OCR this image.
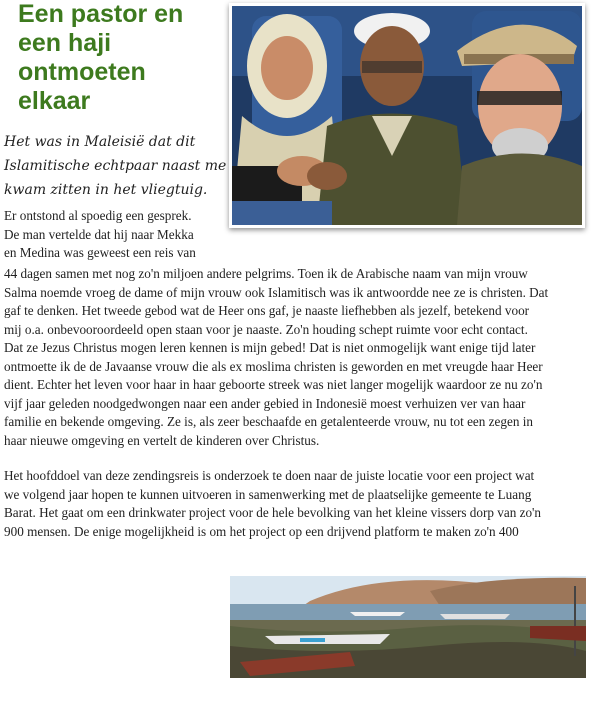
Een pastor en
een haji
ontmoeten
elkaar
Het was in Maleisië dat dit
Islamitische echtpaar naast me
kwam zitten in het vliegtuig.
Er ontstond al spoedig een gesprek.
De man vertelde dat hij naar Mekka
en Medina was geweest een reis van
44 dagen samen met nog zo'n miljoen andere pelgrims. Toen ik de Arabische naam van mijn vrouw
Salma noemde vroeg de dame of mijn vrouw ook Islamitisch was ik antwoordde nee ze is christen. Dat
gaf te denken. Het tweede gebod wat de Heer ons gaf, je naaste liefhebben als jezelf, betekend voor
mij o.a. onbevooroordeeld open staan voor je naaste. Zo'n houding schept ruimte voor echt contact.
Dat ze Jezus Christus mogen leren kennen is mijn gebed! Dat is niet onmogelijk want enige tijd later
ontmoette ik de de Javaanse vrouw die als ex moslima christen is geworden en met vreugde haar Heer
dient. Echter het leven voor haar in haar geboorte streek was niet langer mogelijk waardoor ze nu zo'n
vijf jaar geleden noodgedwongen naar een ander gebied in Indonesië moest verhuizen ver van haar
familie en bekende omgeving. Ze is, als zeer beschaafde en getalenteerde vrouw, nu tot een zegen in
haar nieuwe omgeving en vertelt de kinderen over Christus.
Het hoofddoel van deze zendingsreis is onderzoek te doen naar de juiste locatie voor een project wat
we volgend jaar hopen te kunnen uitvoeren in samenwerking met de plaatselijke gemeente te Luang
Barat. Het gaat om een drinkwater project voor de hele bevolking van het kleine vissers dorp van zo'n
900 mensen. De enige mogelijkheid is om het project op een drijvend platform te maken zo'n 400
